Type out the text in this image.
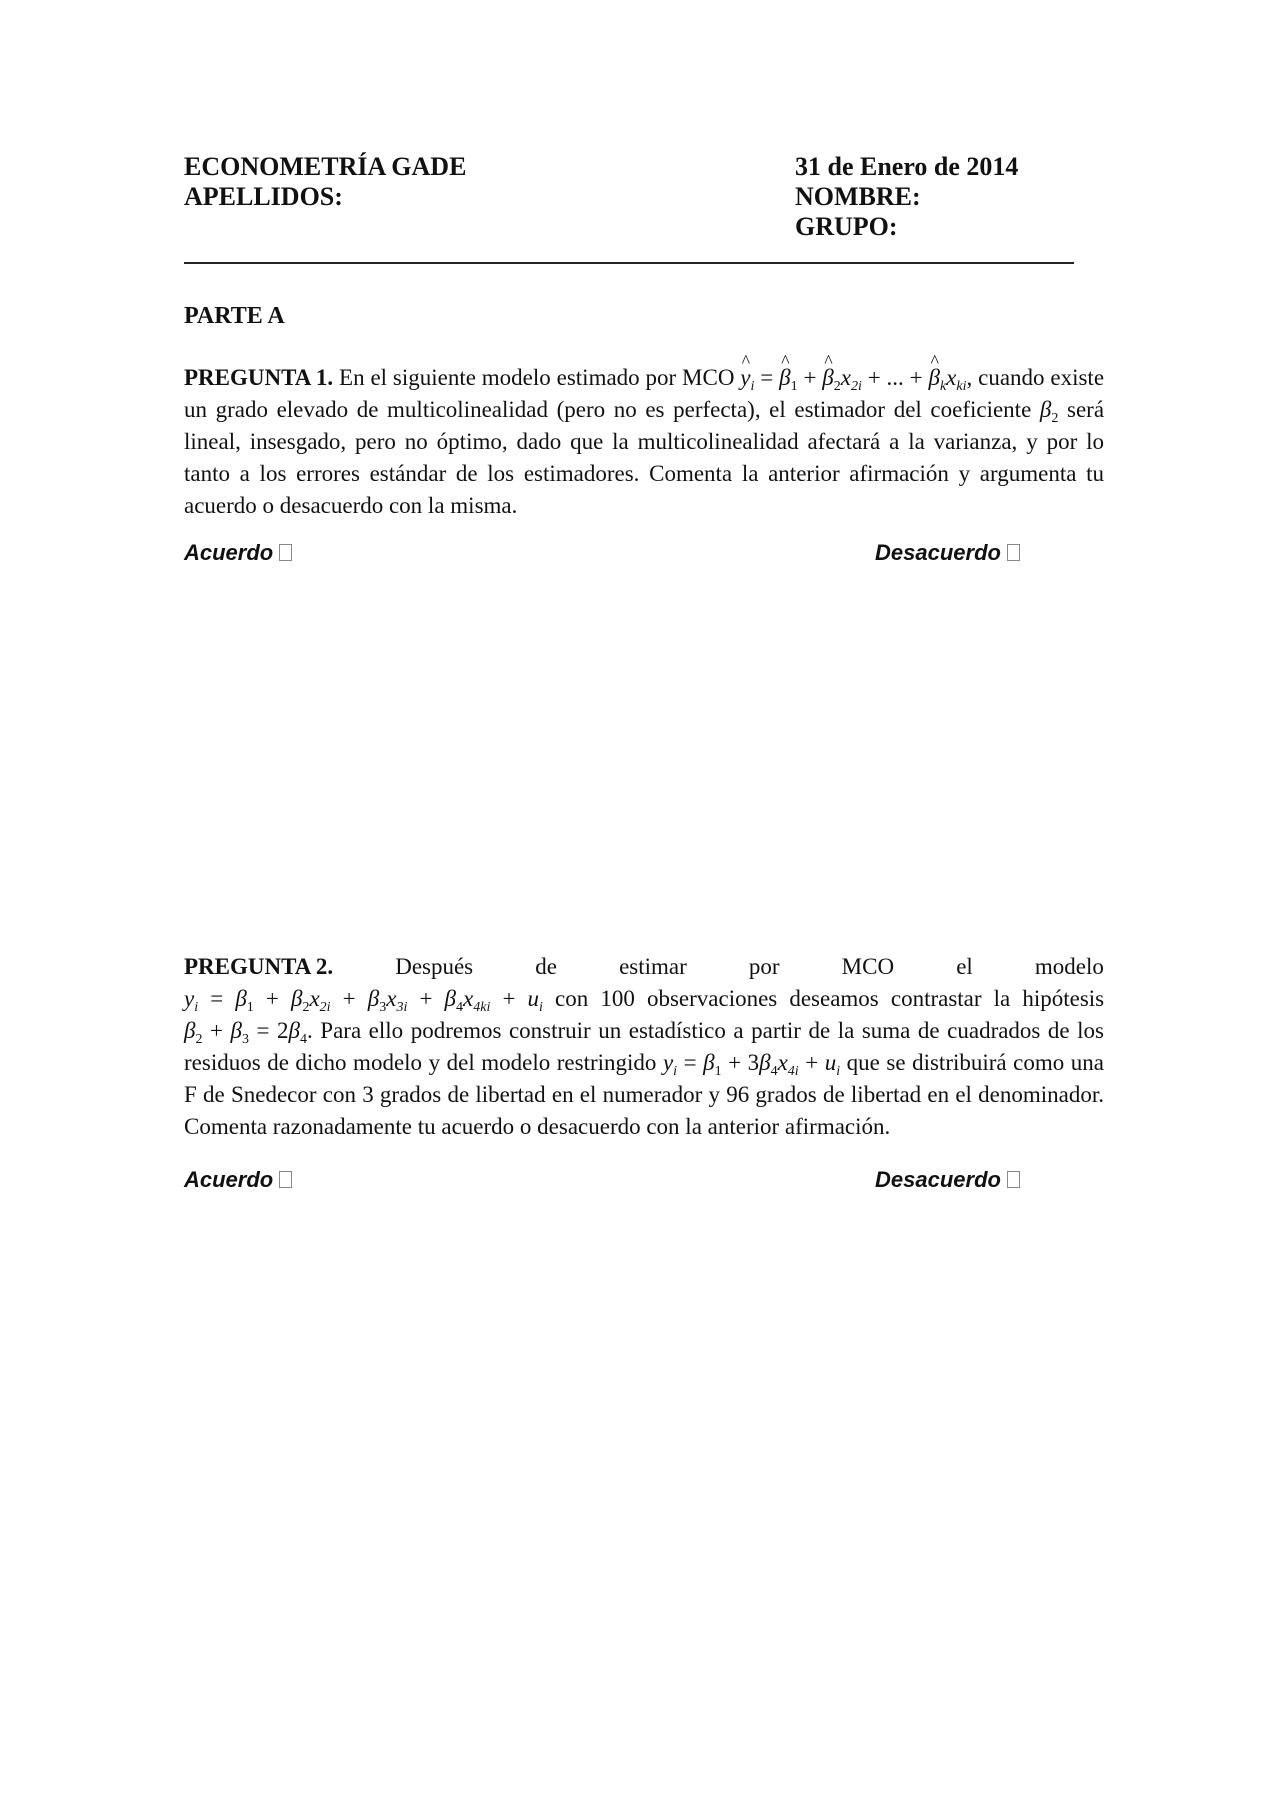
ECONOMETRÍA GADE	31 de Enero de 2014
APELLIDOS:	NOMBRE:
GRUPO:
PARTE A
PREGUNTA 1. En el siguiente modelo estimado por MCO ^ $y_i$ = ^ $\beta_1$ + ^ $\beta_2x_{2i}$ + ... + ^ $\beta_kx_{ki}$, cuando existe un grado elevado de multicolinealidad (pero no es perfecta), el estimador del coeficiente $\beta_2$ será lineal, insesgado, pero no óptimo, dado que la multicolinealidad afectará a la varianza, y por lo tanto a los errores estándar de los estimadores. Comenta la anterior afirmación y argumenta tu acuerdo o desacuerdo con la misma.
Acuerdo	Desacuerdo
PREGUNTA 2.	Después	de	estimar	por	MCO	el	modelo
$y_i = \beta_1 + \beta_2x_{2i} + \beta_3x_{3i} + \beta_4x_{4ki} + u_i$ con 100 observaciones deseamos contrastar la hipótesis $\beta_2 + \beta_3 = 2\beta_4$. Para ello podremos construir un estadístico a partir de la suma de cuadrados de los residuos de dicho modelo y del modelo restringido $y_i = \beta_1 + 3\beta_4x_{4i} + u_i$ que se distribuirá como una F de Snedecor con 3 grados de libertad en el numerador y 96 grados de libertad en el denominador. Comenta razonadamente tu acuerdo o desacuerdo con la anterior afirmación.
Acuerdo	Desacuerdo
